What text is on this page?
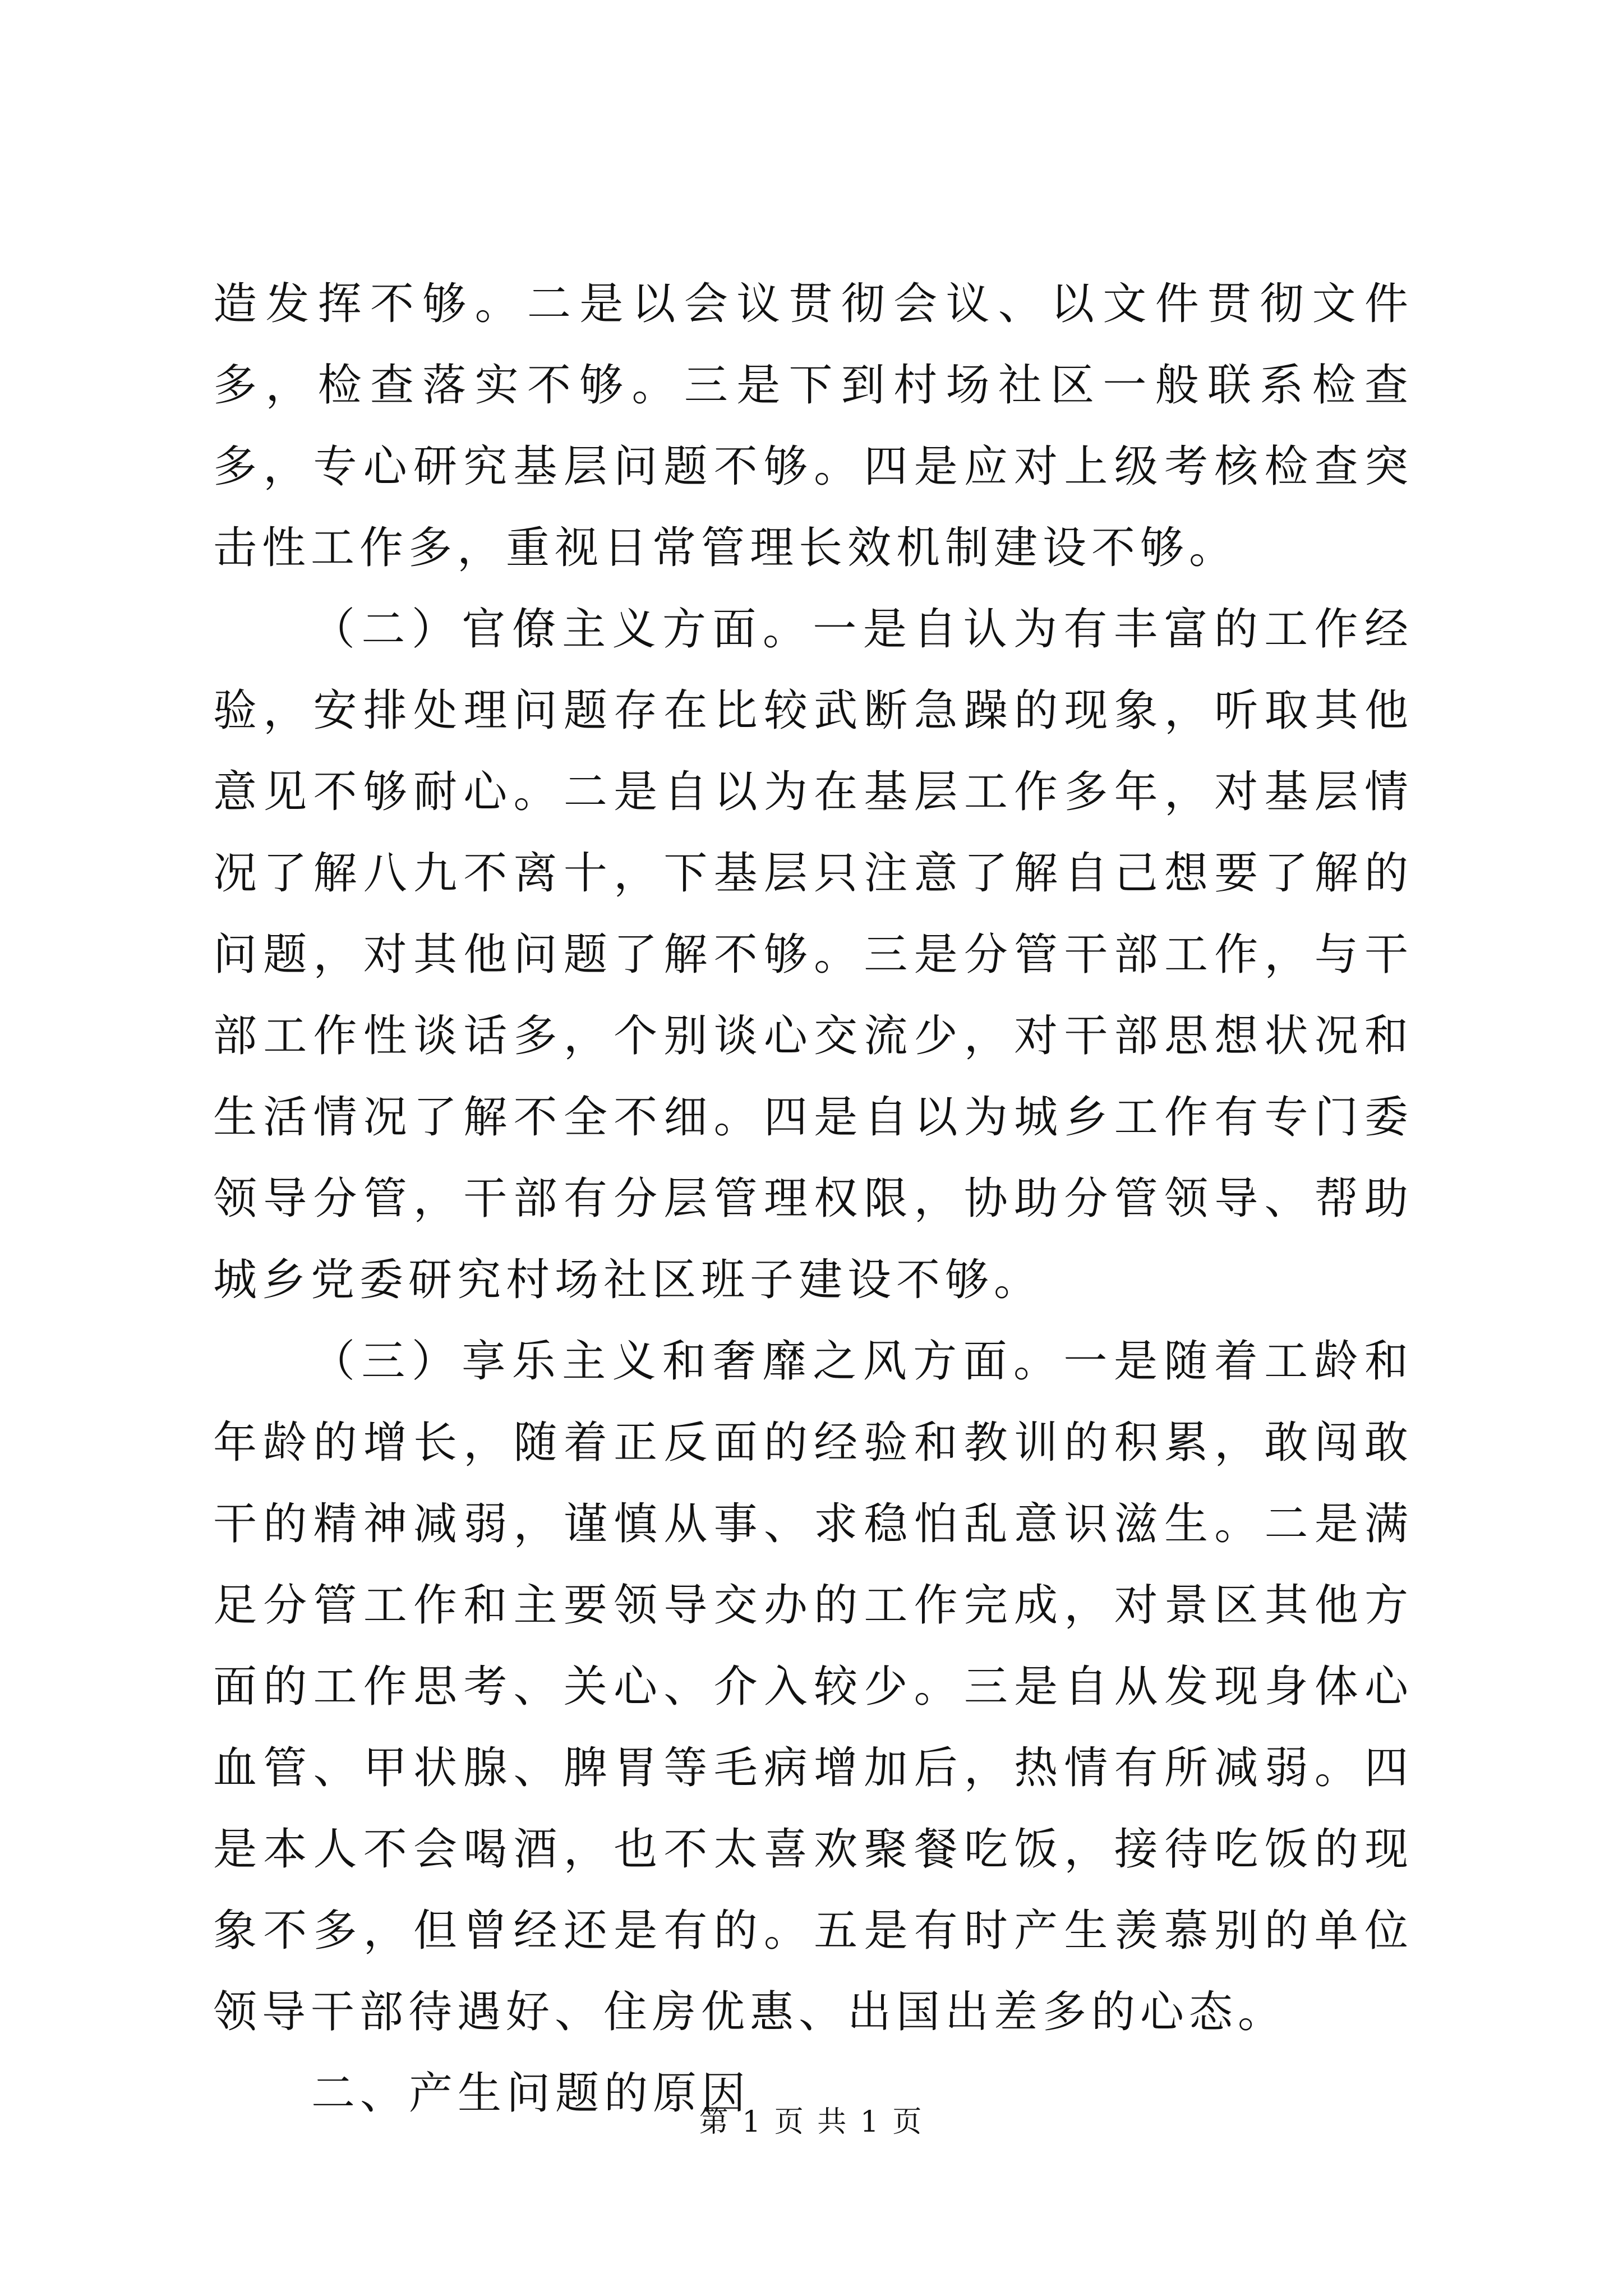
造发挥不够。二是以会议贯彻会议、以文件贯彻文件多，检查落实不够。三是下到村场社区一般联系检查多，专心研究基层问题不够。四是应对上级考核检查突击性工作多，重视日常管理长效机制建设不够。

（二）官僚主义方面。一是自认为有丰富的工作经验，安排处理问题存在比较武断急躁的现象，听取其他意见不够耐心。二是自以为在基层工作多年，对基层情况了解八九不离十，下基层只注意了解自己想要了解的问题，对其他问题了解不够。三是分管干部工作，与干部工作性谈话多，个别谈心交流少，对干部思想状况和生活情况了解不全不细。四是自以为城乡工作有专门委领导分管，干部有分层管理权限，协助分管领导、帮助城乡党委研究村场社区班子建设不够。

（三）享乐主义和奢靡之风方面。一是随着工龄和年龄的增长，随着正反面的经验和教训的积累，敢闯敢干的精神减弱，谨慎从事、求稳怕乱意识滋生。二是满足分管工作和主要领导交办的工作完成，对景区其他方面的工作思考、关心、介入较少。三是自从发现身体心血管、甲状腺、脾胃等毛病增加后，热情有所减弱。四是本人不会喝酒，也不太喜欢聚餐吃饭，接待吃饭的现象不多，但曾经还是有的。五是有时产生羡慕别的单位领导干部待遇好、住房优惠、出国出差多的心态。

二、产生问题的原因
第 1 页 共 1 页
